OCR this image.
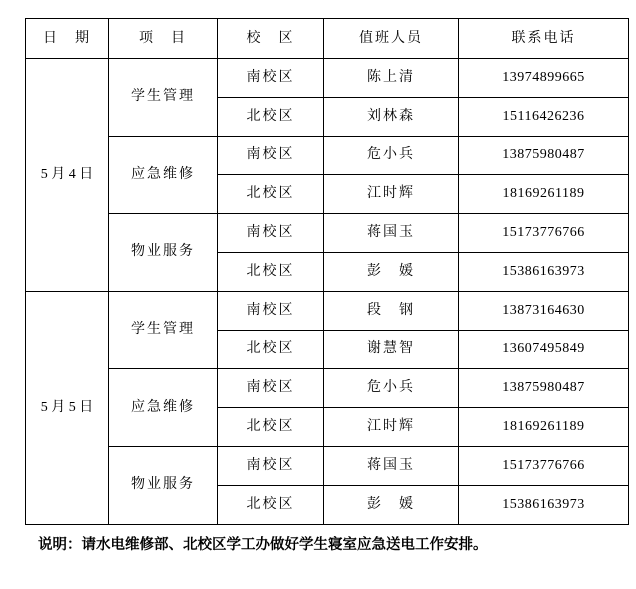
日　期	项　目	校　区	值班人员	联系电话
5 月 4 日	学生管理	南校区	陈上清	13974899665
		北校区	刘林森	15116426236
	应急维修	南校区	危小兵	13875980487
		北校区	江时辉	18169261189
	物业服务	南校区	蒋国玉	15173776766
		北校区	彭　媛	15386163973
5 月 5 日	学生管理	南校区	段　钢	13873164630
		北校区	谢慧智	13607495849
	应急维修	南校区	危小兵	13875980487
		北校区	江时辉	18169261189
	物业服务	南校区	蒋国玉	15173776766
		北校区	彭　媛	15386163973

说明：请水电维修部、北校区学工办做好学生寝室应急送电工作安排。
